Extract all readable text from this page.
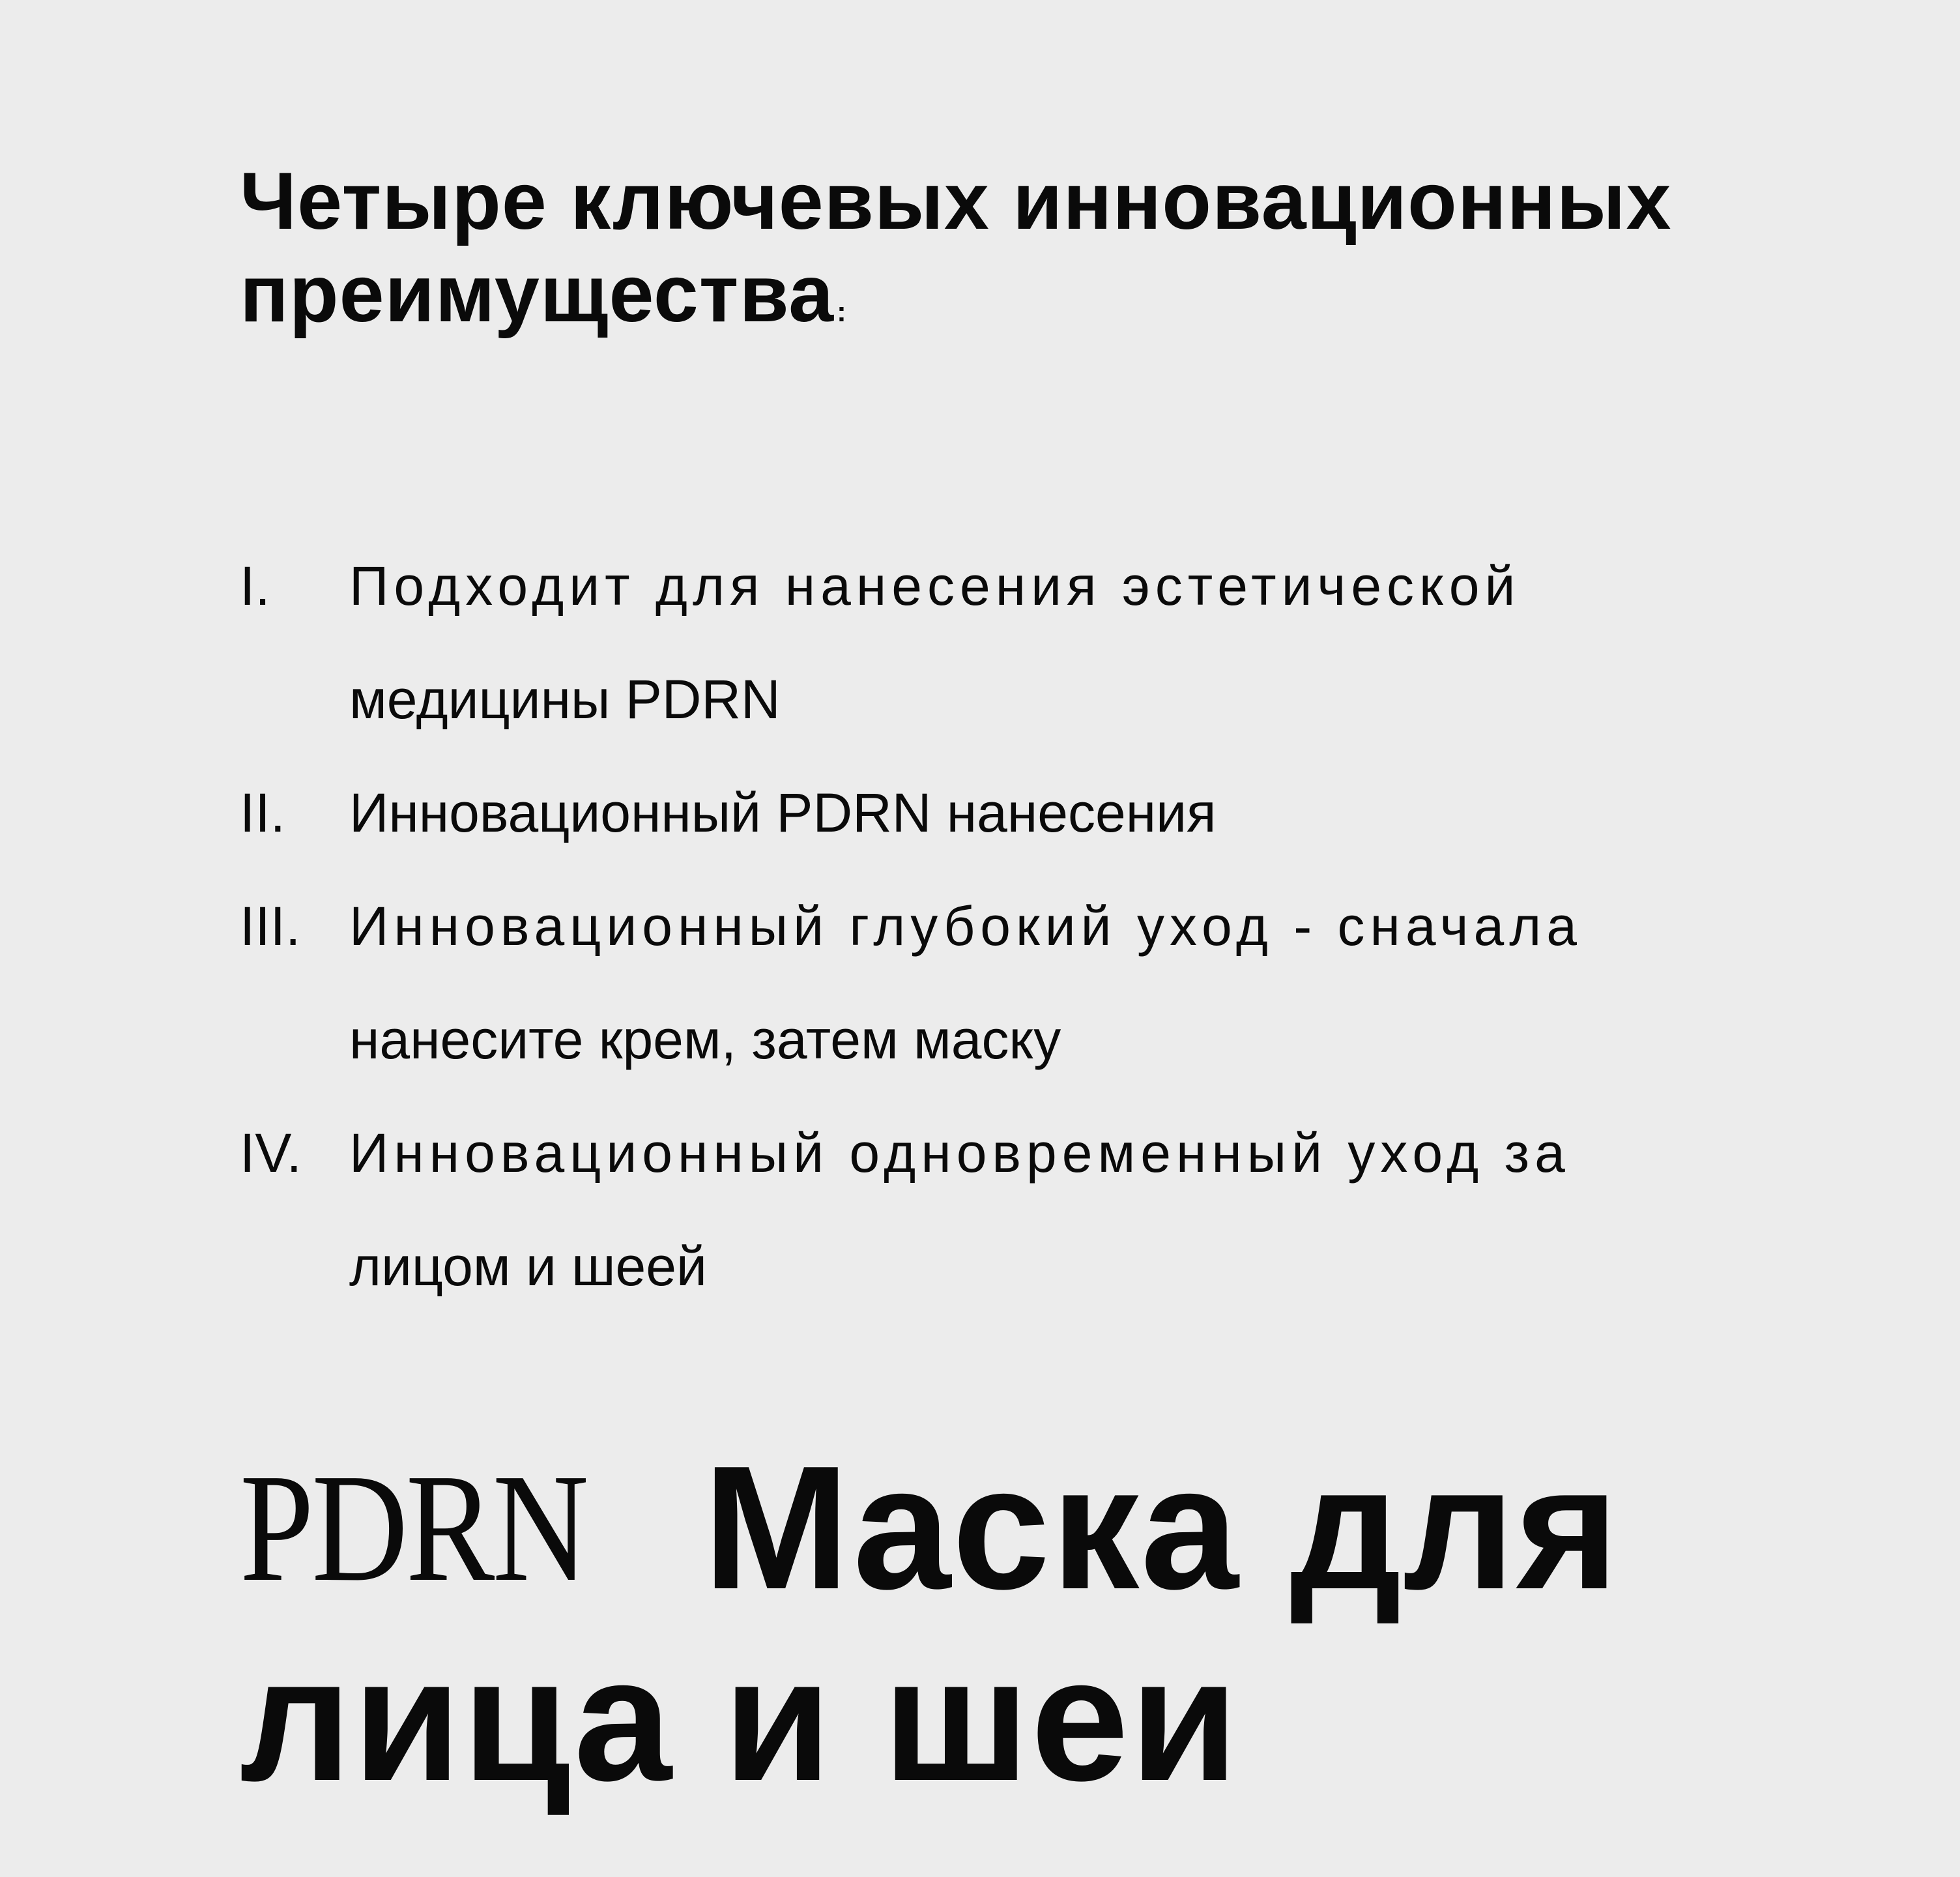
Четыре ключевых инновационных
преимущества:
I. Подходит для нанесения эстетической
медицины PDRN
II. Инновационный PDRN нанесения
III. Инновационный глубокий уход - сначала
нанесите крем, затем маску
IV. Инновационный одновременный уход за
лицом и шеей
PDRN Маска для
лица и шеи
